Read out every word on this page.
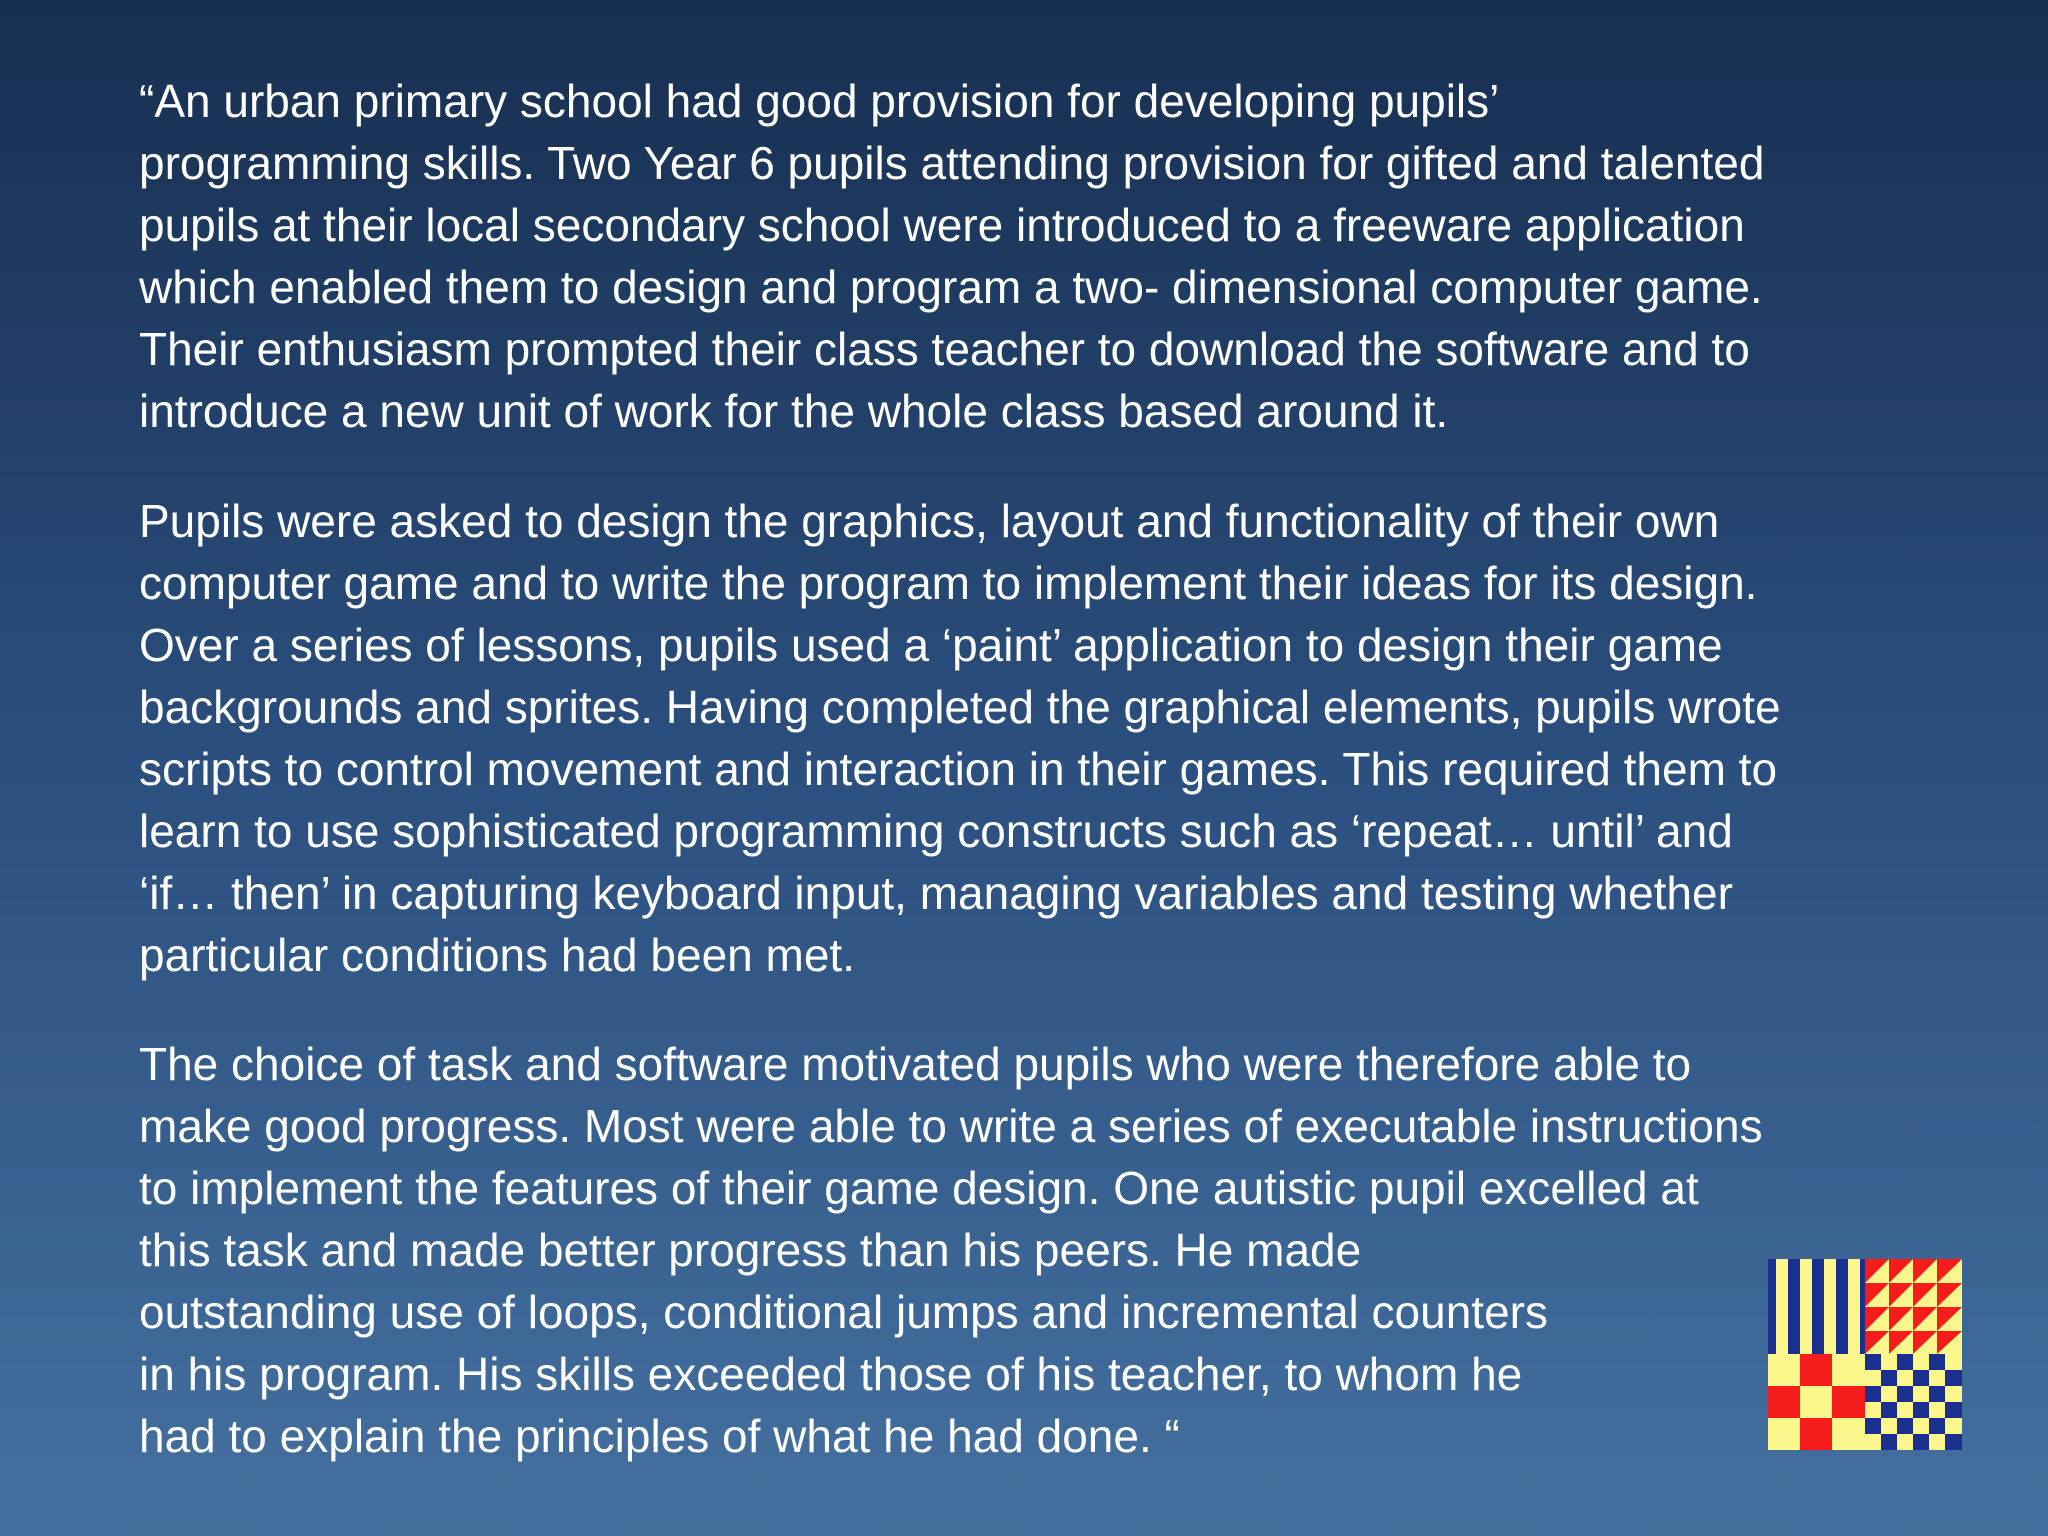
“An urban primary school had good provision for developing pupils’
programming skills. Two Year 6 pupils attending provision for gifted and talented
pupils at their local secondary school were introduced to a freeware application
which enabled them to design and program a two- dimensional computer game.
Their enthusiasm prompted their class teacher to download the software and to
introduce a new unit of work for the whole class based around it.

Pupils were asked to design the graphics, layout and functionality of their own
computer game and to write the program to implement their ideas for its design.
Over a series of lessons, pupils used a ‘paint’ application to design their game
backgrounds and sprites. Having completed the graphical elements, pupils wrote
scripts to control movement and interaction in their games. This required them to
learn to use sophisticated programming constructs such as ‘repeat… until’ and
‘if… then’ in capturing keyboard input, managing variables and testing whether
particular conditions had been met.

The choice of task and software motivated pupils who were therefore able to
make good progress. Most were able to write a series of executable instructions
to implement the features of their game design. One autistic pupil excelled at
this task and made better progress than his peers. He made
outstanding use of loops, conditional jumps and incremental counters
in his program. His skills exceeded those of his teacher, to whom he
had to explain the principles of what he had done. “
